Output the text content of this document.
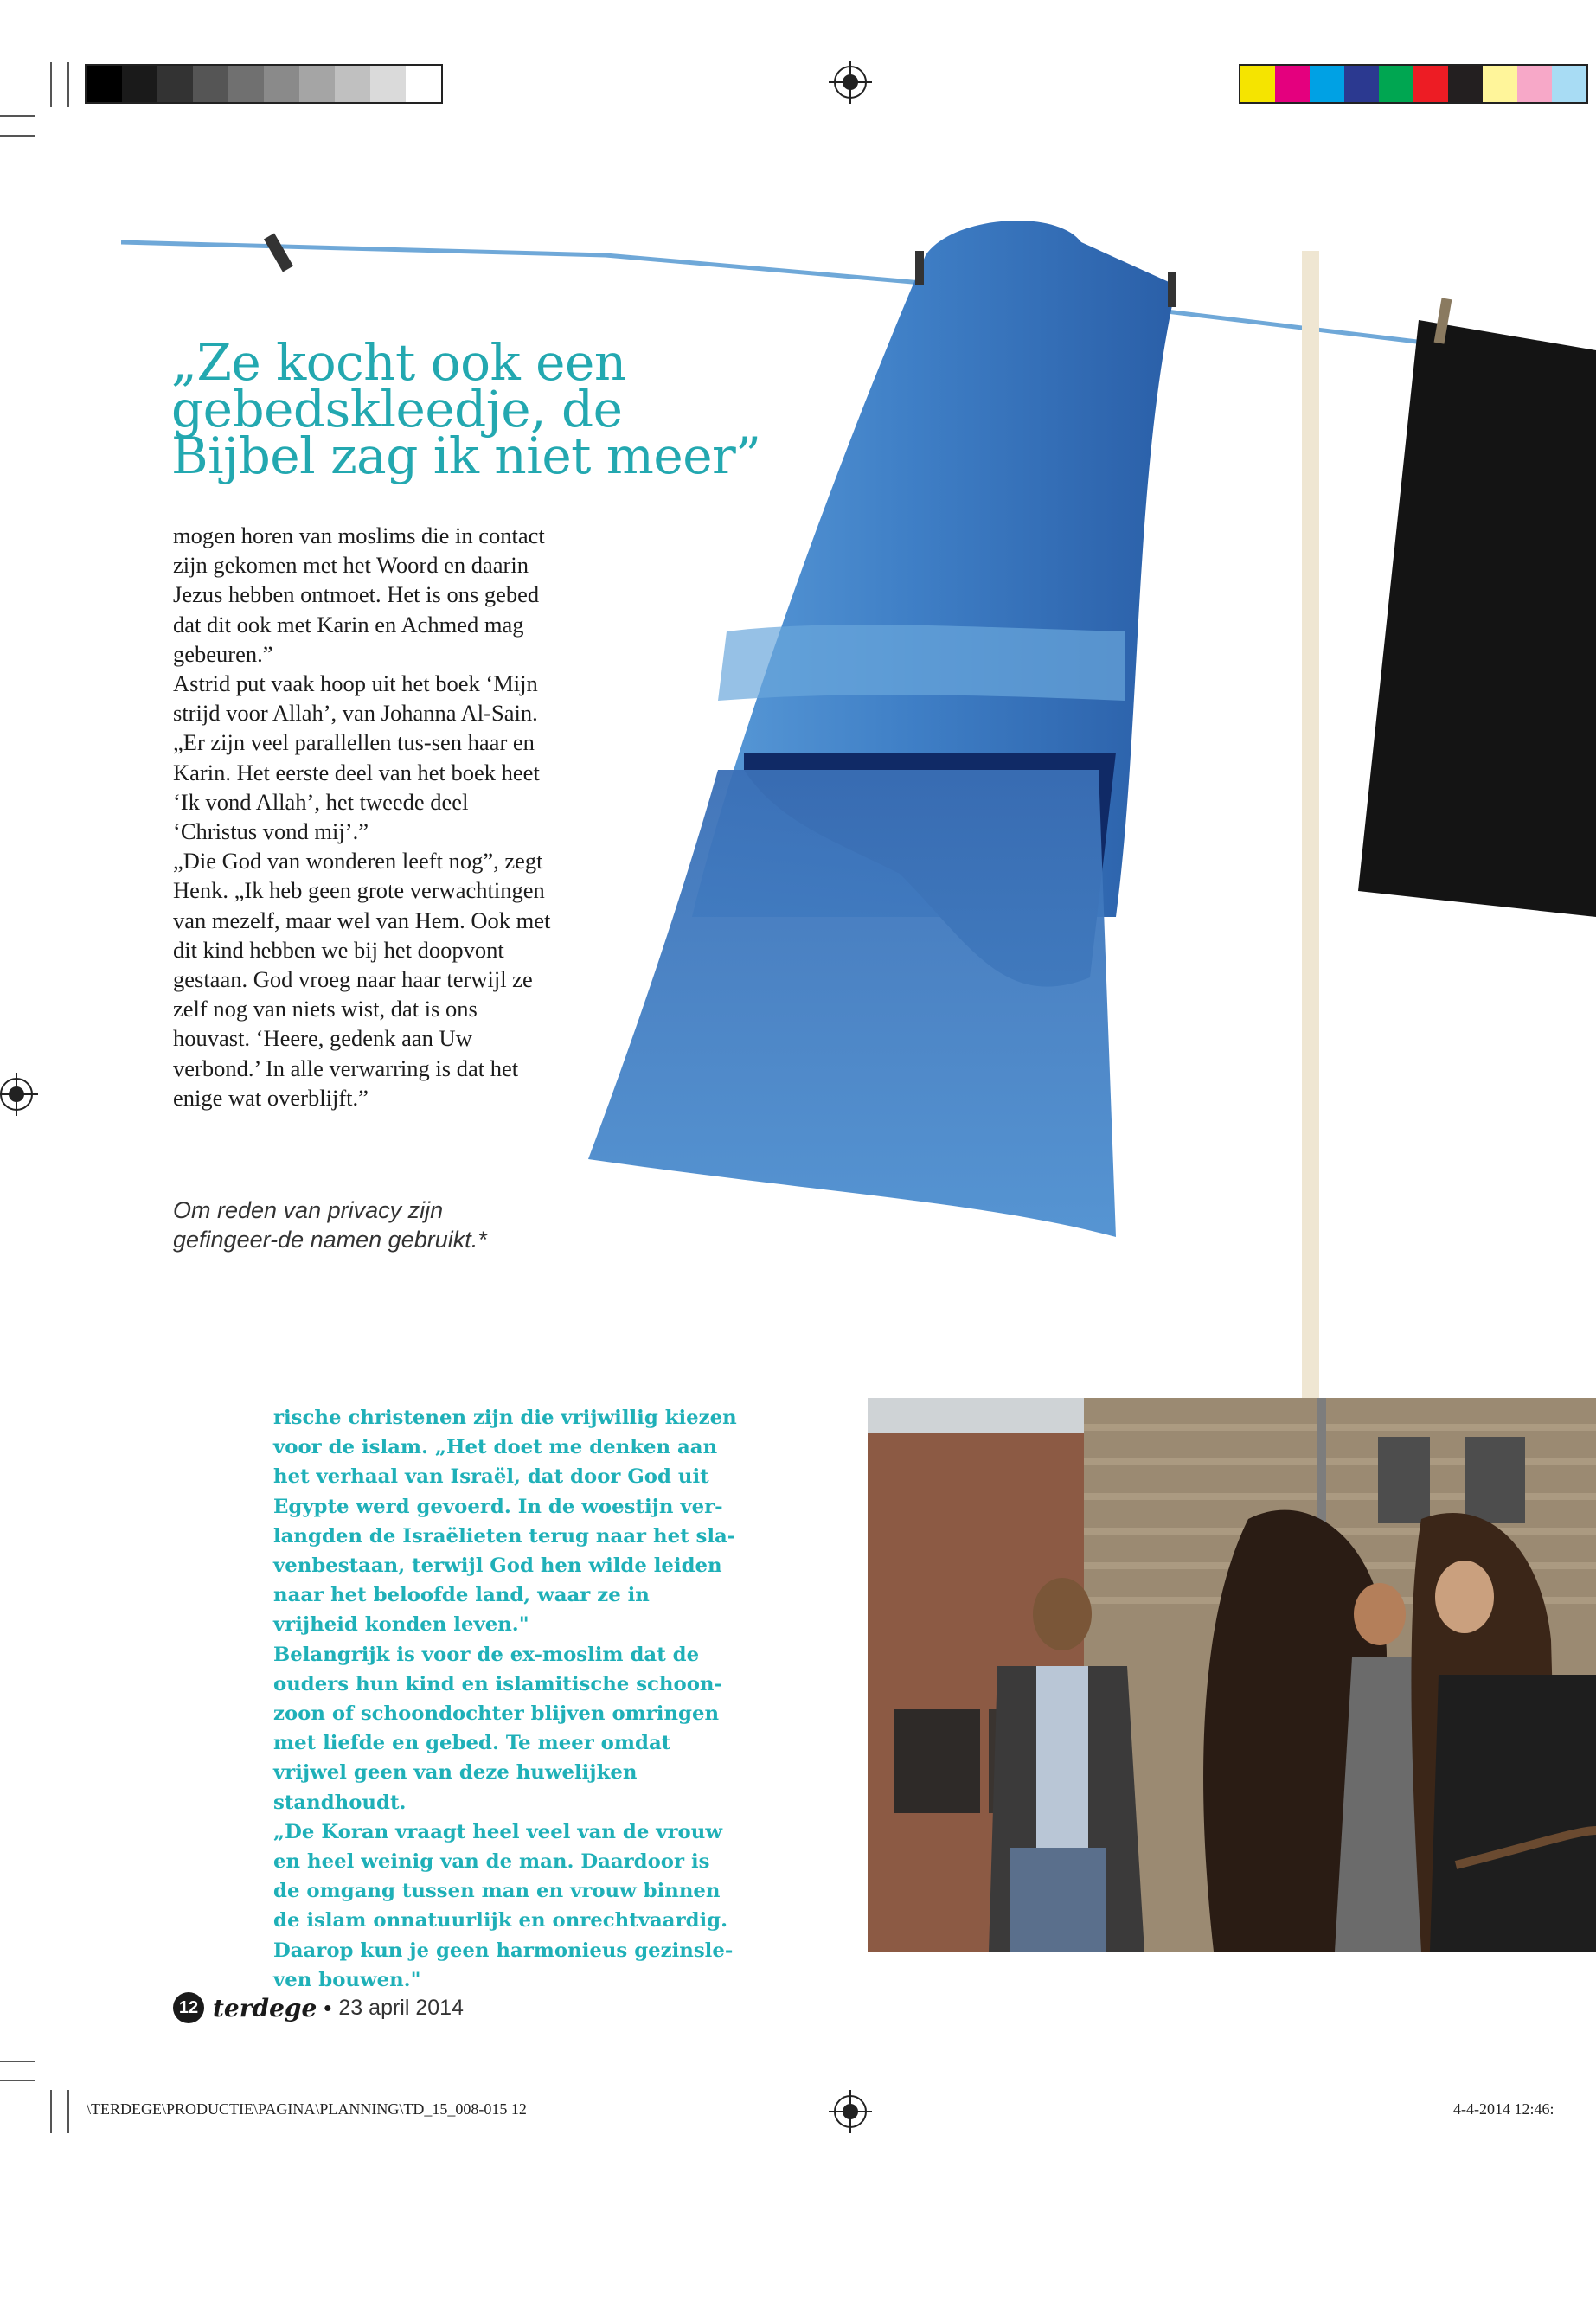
„Ze kocht ook een
gebedskleedje, de
Bijbel zag ik niet meer”

mogen horen van moslims die in contact zijn gekomen met het Woord en daarin Jezus hebben ontmoet. Het is ons gebed dat dit ook met Karin en Achmed mag gebeuren.”

Astrid put vaak hoop uit het boek ‘Mijn strijd voor Allah’, van Johanna Al-Sain. „Er zijn veel parallellen tus-sen haar en Karin. Het eerste deel van het boek heet ‘Ik vond Allah’, het tweede deel ‘Christus vond mij’.”

„Die God van wonderen leeft nog”, zegt Henk. „Ik heb geen grote verwachtingen van mezelf, maar wel van Hem. Ook met dit kind hebben we bij het doopvont gestaan. God vroeg naar haar terwijl ze zelf nog van niets wist, dat is ons houvast. ‘Heere, gedenk aan Uw verbond.’ In alle verwarring is dat het enige wat overblijft.”

Om reden van privacy zijn gefingeer-de namen gebruikt.*

rische christenen zijn die vrijwillig kiezen voor de islam. „Het doet me denken aan het verhaal van Israël, dat door God uit Egypte werd gevoerd. In de woestijn ver-langden de Israëlieten terug naar het sla-venbestaan, terwijl God hen wilde leiden naar het beloofde land, waar ze in vrijheid konden leven."

Belangrijk is voor de ex-moslim dat de ouders hun kind en islamitische schoon-zoon of schoondochter blijven omringen met liefde en gebed. Te meer omdat vrijwel geen van deze huwelijken standhoudt.

„De Koran vraagt heel veel van de vrouw en heel weinig van de man. Daardoor is de omgang tussen man en vrouw binnen de islam onnatuurlijk en onrechtvaardig. Daarop kun je geen harmonieus gezinsle-ven bouwen."

12 terdege • 23 april 2014
\TERDEGE\PRODUCTIE\PAGINA\PLANNING\TD_15_008-015 12	4-4-2014 12:46:
